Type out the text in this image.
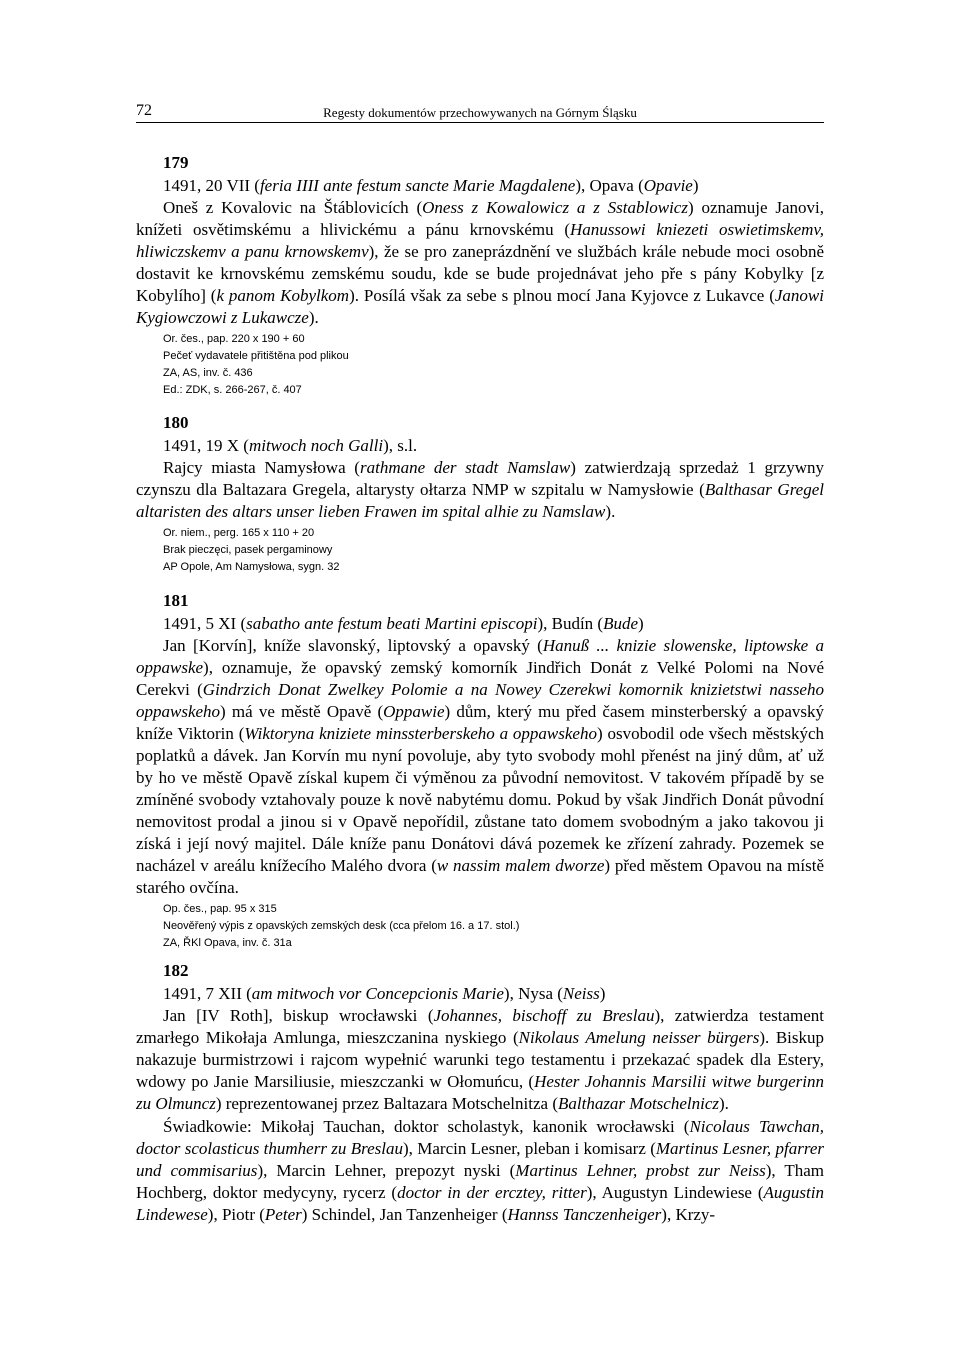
72	Regesty dokumentów przechowywanych na Górnym Śląsku
179
1491, 20 VII (feria IIII ante festum sancte Marie Magdalene), Opava (Opavie)

Oneš z Kovalovic na Štáblovicích (Oness z Kowalowicz a z Sstablowicz) oznamuje Janovi, knížeti osvětimskému a hlivickému a pánu krnovskému (Hanussowi kniezeti oswietimskemv, hliwiczskemv a panu krnowskemv), že se pro zaneprázdnění ve službách krále nebude moci osobně dostavit ke krnovskému zemskému soudu, kde se bude projednávat jeho pře s pány Kobylky [z Kobylího] (k panom Kobylkom). Posílá však za sebe s plnou mocí Jana Kyjovce z Lukavce (Janowi Kygiowczowi z Lukawcze).

Or. čes., pap. 220 x 190 + 60
Pečeť vydavatele přitištěna pod plikou
ZA, AS, inv. č. 436
Ed.: ZDK, s. 266-267, č. 407
180
1491, 19 X (mitwoch noch Galli), s.l.

Rajcy miasta Namysłowa (rathmane der stadt Namslaw) zatwierdzają sprzedaż 1 grzywny czynszu dla Baltazara Gregela, altarysty ołtarza NMP w szpitalu w Namysłowie (Balthasar Gregel altaristen des altars unser lieben Frawen im spital alhie zu Namslaw).

Or. niem., perg. 165 x 110 + 20
Brak pieczęci, pasek pergaminowy
AP Opole, Am Namysłowa, sygn. 32
181
1491, 5 XI (sabatho ante festum beati Martini episcopi), Budín (Bude)

Jan [Korvín], kníže slavonský, liptovský a opavský (Hanuß ... knizie slowenske, liptowske a oppawske), oznamuje, že opavský zemský komorník Jindřich Donát z Velké Polomi na Nové Cerekvi (Gindrzich Donat Zwelkey Polomie a na Nowey Czerekwi komornik knizietstwi nasseho oppawskeho) má ve městě Opavě (Oppawie) dům, který mu před časem minsterberský a opavský kníže Viktorin (Wiktoryna kniziete minssterberskeho a oppawskeho) osvobodil ode všech městských poplatků a dávek. Jan Korvín mu nyní povoluje, aby tyto svobody mohl přenést na jiný dům, ať už by ho ve městě Opavě získal kupem či výměnou za původní nemovitost. V takovém případě by se zmíněné svobody vztahovaly pouze k nově nabytému domu. Pokud by však Jindřich Donát původní nemovitost prodal a jinou si v Opavě nepořídil, zůstane tato domem svobodným a jako takovou ji získá i její nový majitel. Dále kníže panu Donátovi dává pozemek ke zřízení zahrady. Pozemek se nacházel v areálu knížecího Malého dvora (w nassim malem dworze) před městem Opavou na místě starého ovčína.

Op. čes., pap. 95 x 315
Neověřený výpis z opavských zemských desk (cca přelom 16. a 17. stol.)
ZA, ŘKl Opava, inv. č. 31a
182
1491, 7 XII (am mitwoch vor Concepcionis Marie), Nysa (Neiss)

Jan [IV Roth], biskup wrocławski (Johannes, bischoff zu Breslau), zatwierdza testament zmarłego Mikołaja Amlunga, mieszczanina nyskiego (Nikolaus Amelung neisser bürgers). Biskup nakazuje burmistrzowi i rajcom wypełnić warunki tego testamentu i przekazać spadek dla Estery, wdowy po Janie Marsiliusie, mieszczanki w Ołomuńcu, (Hester Johannis Marsilii witwe burgerinn zu Olmuncz) reprezentowanej przez Baltazara Motschelnitza (Balthazar Motschelnicz).

Świadkowie: Mikołaj Tauchan, doktor scholastyk, kanonik wrocławski (Nicolaus Tawchan, doctor scolasticus thumherr zu Breslau), Marcin Lesner, pleban i komisarz (Martinus Lesner, pfarrer und commisarius), Marcin Lehner, prepozyt nyski (Martinus Lehner, probst zur Neiss), Tham Hochberg, doktor medycyny, rycerz (doctor in der ercztey, ritter), Augustyn Lindewiese (Augustin Lindewese), Piotr (Peter) Schindel, Jan Tanzenheiger (Hannss Tanczenheiger), Krzy-
